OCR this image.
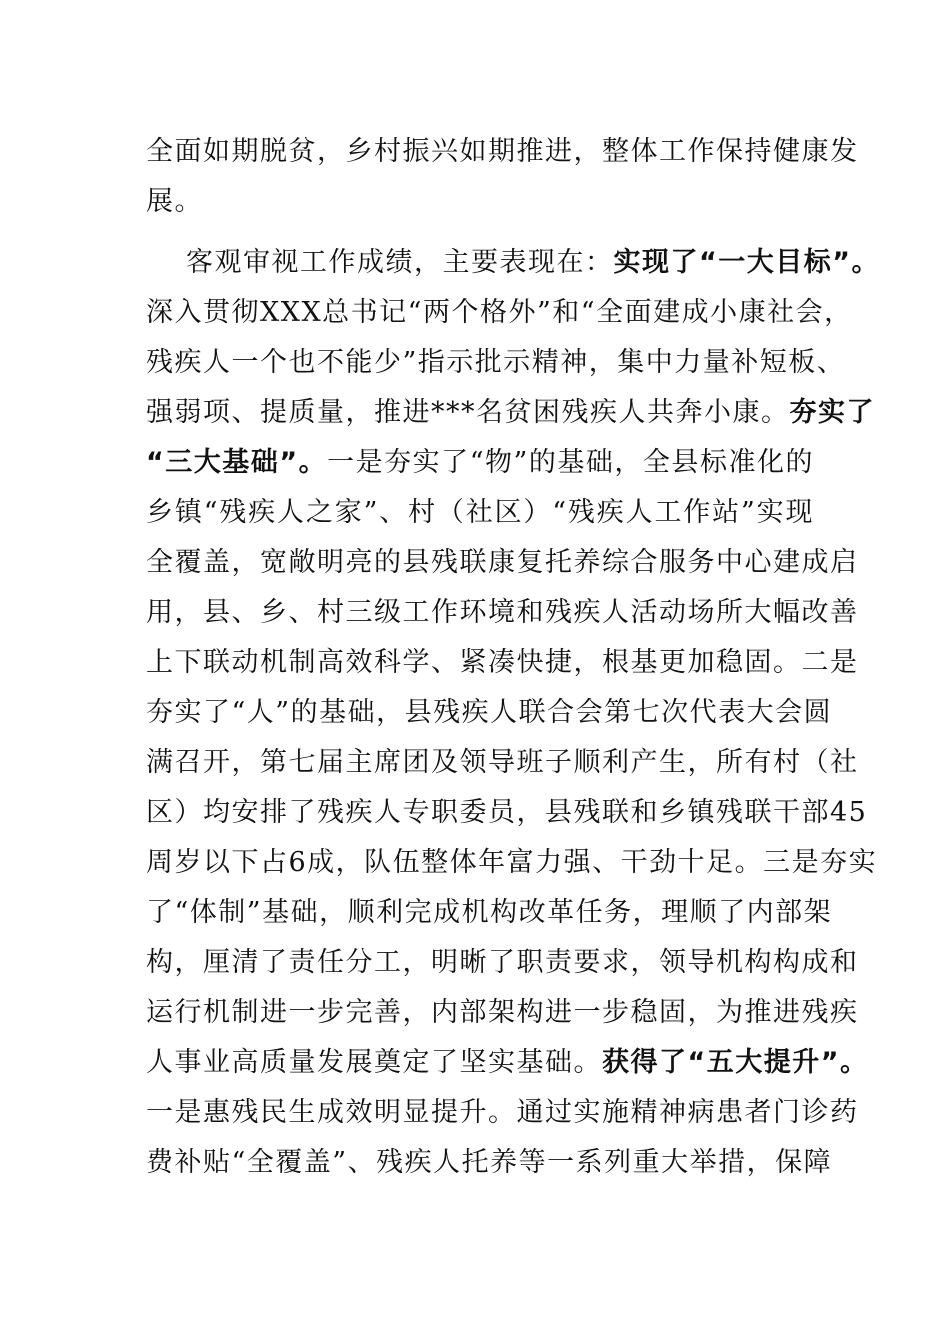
全面如期脱贫，乡村振兴如期推进，整体工作保持健康发
展。
客观审视工作成绩，主要表现在：实现了“一大目标”。
深入贯彻XXX总书记“两个格外”和“全面建成小康社会，
残疾人一个也不能少”指示批示精神，集中力量补短板、
强弱项、提质量，推进***名贫困残疾人共奔小康。夯实了
“三大基础”。一是夯实了“物”的基础，全县标准化的
乡镇“残疾人之家”、村（社区）“残疾人工作站”实现
全覆盖，宽敞明亮的县残联康复托养综合服务中心建成启
用，县、乡、村三级工作环境和残疾人活动场所大幅改善
上下联动机制高效科学、紧凑快捷，根基更加稳固。二是
夯实了“人”的基础，县残疾人联合会第七次代表大会圆
满召开，第七届主席团及领导班子顺利产生，所有村（社
区）均安排了残疾人专职委员，县残联和乡镇残联干部45
周岁以下占6成，队伍整体年富力强、干劲十足。三是夯实
了“体制”基础，顺利完成机构改革任务，理顺了内部架
构，厘清了责任分工，明晰了职责要求，领导机构构成和
运行机制进一步完善，内部架构进一步稳固，为推进残疾
人事业高质量发展奠定了坚实基础。获得了“五大提升”。
一是惠残民生成效明显提升。通过实施精神病患者门诊药
费补贴“全覆盖”、残疾人托养等一系列重大举措，保障
